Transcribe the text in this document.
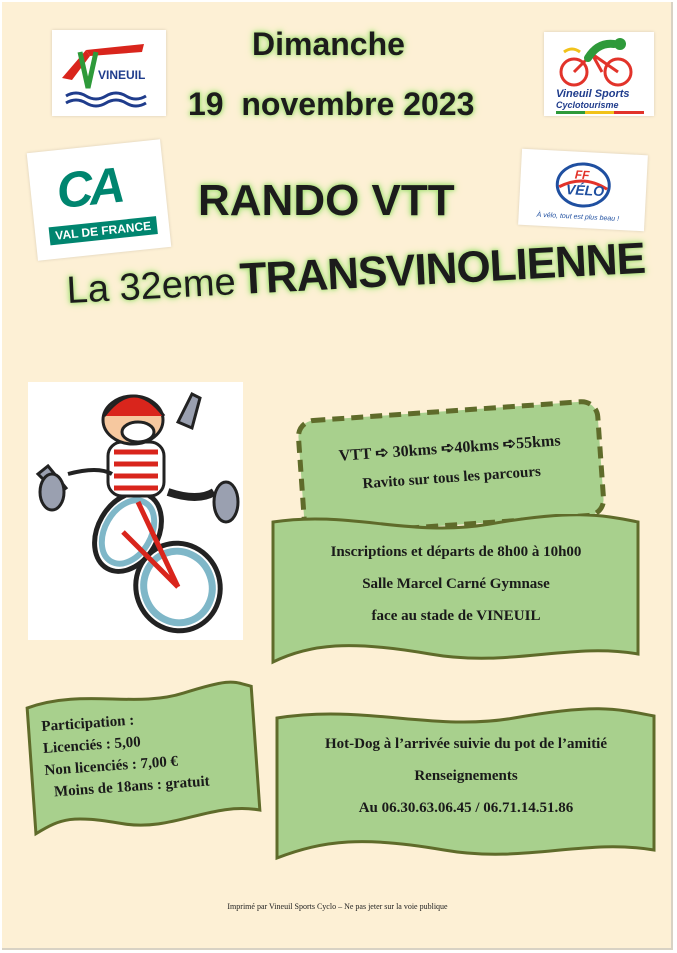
VINEUIL
Vineuil Sports
Cyclotourisme
Dimanche
19  novembre 2023
CA
VAL DE FRANCE
FF
VÉLO
À vélo, tout est plus beau !
RANDO VTT
La 32eme TRANSVINOLIENNE
VTT ➪ 30kms ➪40kms ➪55kms
Ravito sur tous les parcours
Inscriptions et départs de 8h00 à 10h00
Salle Marcel Carné Gymnase
face au stade de VINEUIL
Participation :
Licenciés : 5,00
Non licenciés : 7,00 €
Moins de 18ans : gratuit
Hot-Dog à l’arrivée suivie du pot de l’amitié
Renseignements
Au 06.30.63.06.45 / 06.71.14.51.86
Imprimé par Vineuil Sports Cyclo – Ne pas jeter sur la voie publique
